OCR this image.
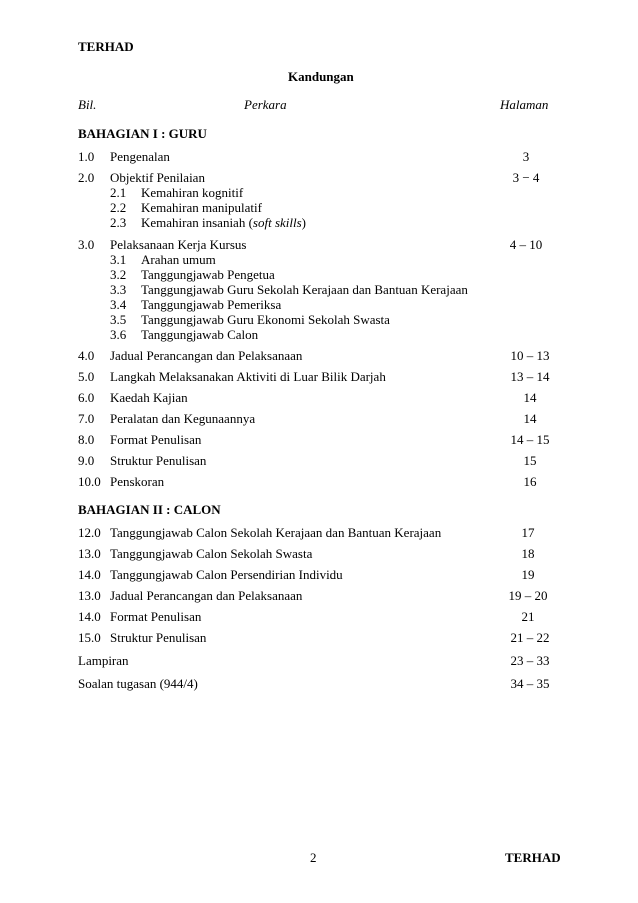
TERHAD
Kandungan
Bil.	Perkara	Halaman
BAHAGIAN I : GURU
1.0 Pengenalan	3
2.0 Objektif Penilaian	3 − 4
2.1 Kemahiran kognitif
2.2 Kemahiran manipulatif
2.3 Kemahiran insaniah (soft skills)
3.0 Pelaksanaan Kerja Kursus	4 – 10
3.1 Arahan umum
3.2 Tanggungjawab Pengetua
3.3 Tanggungjawab Guru Sekolah Kerajaan dan Bantuan Kerajaan
3.4 Tanggungjawab Pemeriksa
3.5 Tanggungjawab Guru Ekonomi Sekolah Swasta
3.6 Tanggungjawab Calon
4.0 Jadual Perancangan dan Pelaksanaan	10 – 13
5.0 Langkah Melaksanakan Aktiviti di Luar Bilik Darjah	13 – 14
6.0 Kaedah Kajian	14
7.0 Peralatan dan Kegunaannya	14
8.0 Format Penulisan	14 – 15
9.0 Struktur Penulisan	15
10.0 Penskoran	16
BAHAGIAN II : CALON
12.0 Tanggungjawab Calon Sekolah Kerajaan dan Bantuan Kerajaan	17
13.0 Tanggungjawab Calon Sekolah Swasta	18
14.0 Tanggungjawab Calon Persendirian Individu	19
13.0 Jadual Perancangan dan Pelaksanaan	19 – 20
14.0 Format Penulisan	21
15.0 Struktur Penulisan	21 – 22
Lampiran	23 – 33
Soalan tugasan (944/4)	34 – 35
2	TERHAD
